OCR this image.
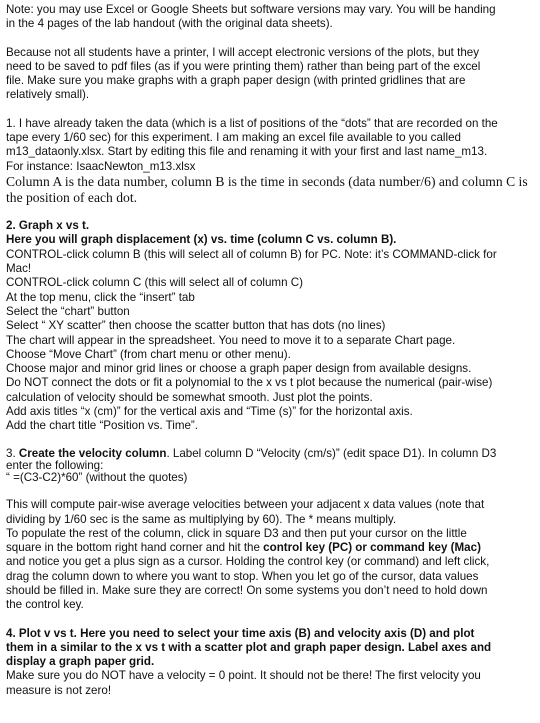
Note: you may use Excel or Google Sheets but software versions may vary. You will be handing
in the 4 pages of the lab handout (with the original data sheets).
Because not all students have a printer, I will accept electronic versions of the plots, but they
need to be saved to pdf files (as if you were printing them) rather than being part of the excel
file. Make sure you make graphs with a graph paper design (with printed gridlines that are
relatively small).
1. I have already taken the data (which is a list of positions of the “dots” that are recorded on the
tape every 1/60 sec) for this experiment. I am making an excel file available to you called
m13_dataonly.xlsx. Start by editing this file and renaming it with your first and last name_m13.
For instance: IsaacNewton_m13.xlsx
Column A is the data number, column B is the time in seconds (data number/6) and column C is
the position of each dot.
2. Graph x vs t.
Here you will graph displacement (x) vs. time (column C vs. column B).
CONTROL-click column B (this will select all of column B) for PC. Note: it’s COMMAND-click for
Mac!
CONTROL-click column C (this will select all of column C)
At the top menu, click the “insert” tab
Select the “chart” button
Select “ XY scatter” then choose the scatter button that has dots (no lines)
The chart will appear in the spreadsheet. You need to move it to a separate Chart page.
Choose “Move Chart” (from chart menu or other menu).
Choose major and minor grid lines or choose a graph paper design from available designs.
Do NOT connect the dots or fit a polynomial to the x vs t plot because the numerical (pair-wise)
calculation of velocity should be somewhat smooth. Just plot the points.
Add axis titles “x (cm)” for the vertical axis and “Time (s)” for the horizontal axis.
Add the chart title “Position vs. Time”.
3. Create the velocity column. Label column D “Velocity (cm/s)” (edit space D1). In column D3
enter the following:
“ =(C3-C2)*60” (without the quotes)
This will compute pair-wise average velocities between your adjacent x data values (note that
dividing by 1/60 sec is the same as multiplying by 60). The * means multiply.
To populate the rest of the column, click in square D3 and then put your cursor on the little
square in the bottom right hand corner and hit the control key (PC) or command key (Mac)
and notice you get a plus sign as a cursor. Holding the control key (or command) and left click,
drag the column down to where you want to stop. When you let go of the cursor, data values
should be filled in. Make sure they are correct! On some systems you don’t need to hold down
the control key.
4. Plot v vs t. Here you need to select your time axis (B) and velocity axis (D) and plot
them in a similar to the x vs t with a scatter plot and graph paper design. Label axes and
display a graph paper grid.
Make sure you do NOT have a velocity = 0 point. It should not be there! The first velocity you
measure is not zero!
